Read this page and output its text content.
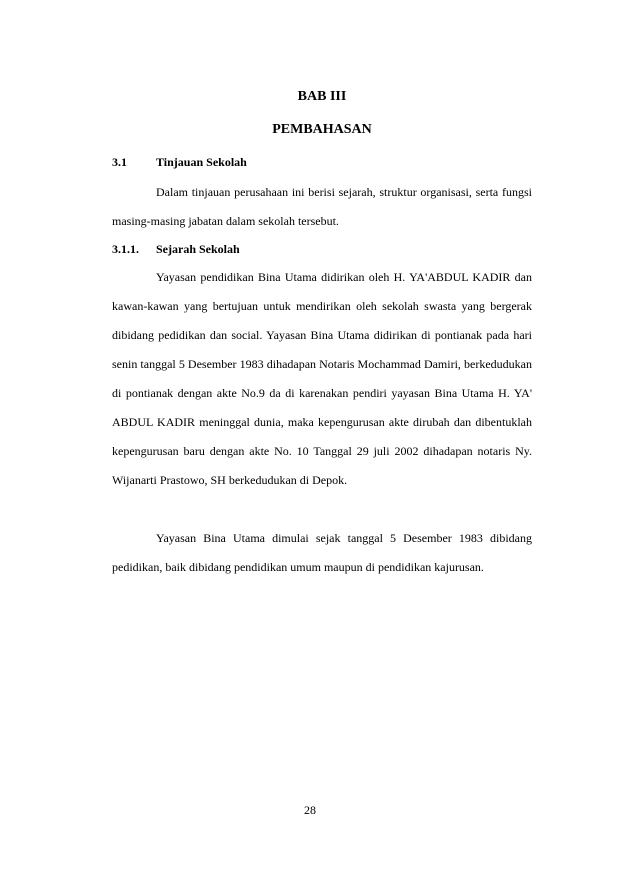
BAB III

PEMBAHASAN

3.1 Tinjauan Sekolah

Dalam tinjauan perusahaan ini berisi sejarah, struktur organisasi, serta fungsi masing-masing jabatan dalam sekolah tersebut.

3.1.1. Sejarah Sekolah

Yayasan pendidikan Bina Utama didirikan oleh H. YA'ABDUL KADIR dan kawan-kawan yang bertujuan untuk mendirikan oleh sekolah swasta yang bergerak dibidang pedidikan dan social. Yayasan Bina Utama didirikan di pontianak pada hari senin tanggal 5 Desember 1983 dihadapan Notaris Mochammad Damiri, berkedudukan di pontianak dengan akte No.9 da di karenakan pendiri yayasan Bina Utama H. YA' ABDUL KADIR meninggal dunia, maka kepengurusan akte dirubah dan dibentuklah kepengurusan baru dengan akte No. 10 Tanggal 29 juli 2002 dihadapan notaris Ny. Wijanarti Prastowo, SH berkedudukan di Depok.

Yayasan Bina Utama dimulai sejak tanggal 5 Desember 1983 dibidang pedidikan, baik dibidang pendidikan umum maupun di pendidikan kajurusan.

28
